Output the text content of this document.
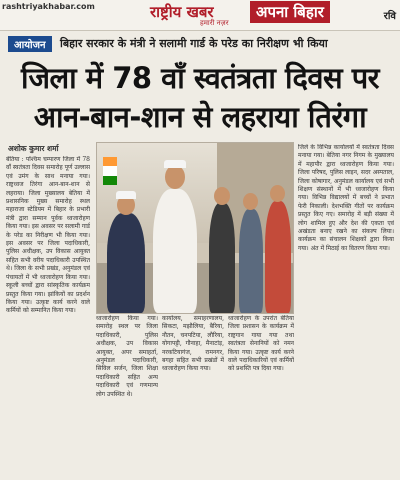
rashtriyakhabar.com	राष्ट्रीय खबर
हमारी नज़र
अपना बिहार	रवि
आयोजन	बिहार सरकार के मंत्री ने सलामी गार्ड के परेड का निरीक्षण भी किया
जिला में 78 वाँ स्वतंत्रता दिवस पर
आन-बान-शान से लहराया तिरंगा
अशोक कुमार शर्मा
बेतिया : पश्चिम चम्पारण जिला में 78 वाँ स्वतंत्रता दिवस समारोह पूर्ण उल्लास एवं उमंग के साथ मनाया गया। राष्ट्रध्वज तिरंगा आन-बान-शान से लहराया। जिला मुख्यालय बेतिया में प्रशासनिक मुख्य समारोह स्थल महाराजा स्टेडियम में बिहार के प्रभारी मंत्री द्वारा सम्मान पूर्वक ध्वजारोहण किया गया। इस अवसर पर सलामी गार्ड के परेड का निरीक्षण भी किया गया। इस अवसर पर जिला पदाधिकारी, पुलिस अधीक्षक, उप विकास आयुक्त सहित सभी वरीय पदाधिकारी उपस्थित थे। जिला के सभी प्रखंड, अनुमंडल एवं पंचायतों में भी ध्वजारोहण किया गया। स्कूली बच्चों द्वारा सांस्कृतिक कार्यक्रम प्रस्तुत किया गया। झांकियों का प्रदर्शन किया गया। उत्कृष्ट कार्य करने वाले कर्मियों को सम्मानित किया गया।
ध्वजारोहण किया गया। समारोह स्थल पर जिला पदाधिकारी, पुलिस अधीक्षक, उप विकास आयुक्त, अपर समाहर्ता, अनुमंडल पदाधिकारी, सिविल सर्जन, जिला शिक्षा पदाधिकारी सहित अन्य पदाधिकारी एवं गणमान्य लोग उपस्थित थे।
कार्यालय, समाहरणालय, सिकटा, मझौलिया, बैरिया, नौतन, चनपटिया, लौरिया, योगापट्टी, गौनाहा, मैनाटांड़, नरकटियागंज, रामनगर, बगहा सहित सभी प्रखंडों में ध्वजारोहण किया गया।
ध्वजारोहण के उपरांत बेतिया जिला प्रशासन के कार्यक्रम में राष्ट्रगान गाया गया तथा स्वतंत्रता सेनानियों को नमन किया गया। उत्कृष्ट कार्य करने वाले पदाधिकारियों एवं कर्मियों को प्रशस्ति पत्र दिया गया।
जिले के विभिन्न कार्यालयों में स्वतंत्रता दिवस मनाया गया। बेतिया नगर निगम के मुख्यालय में महापौर द्वारा ध्वजारोहण किया गया। जिला परिषद, पुलिस लाइन, सदर अस्पताल, जिला कोषागार, अनुमंडल कार्यालय एवं सभी शिक्षण संस्थानों में भी ध्वजारोहण किया गया। विभिन्न विद्यालयों में बच्चों ने प्रभात फेरी निकाली। देशभक्ति गीतों पर कार्यक्रम प्रस्तुत किए गए। समारोह में बड़ी संख्या में लोग शामिल हुए और देश की एकता एवं अखंडता बनाए रखने का संकल्प लिया। कार्यक्रम का संचालन शिक्षकों द्वारा किया गया। अंत में मिठाई का वितरण किया गया।
